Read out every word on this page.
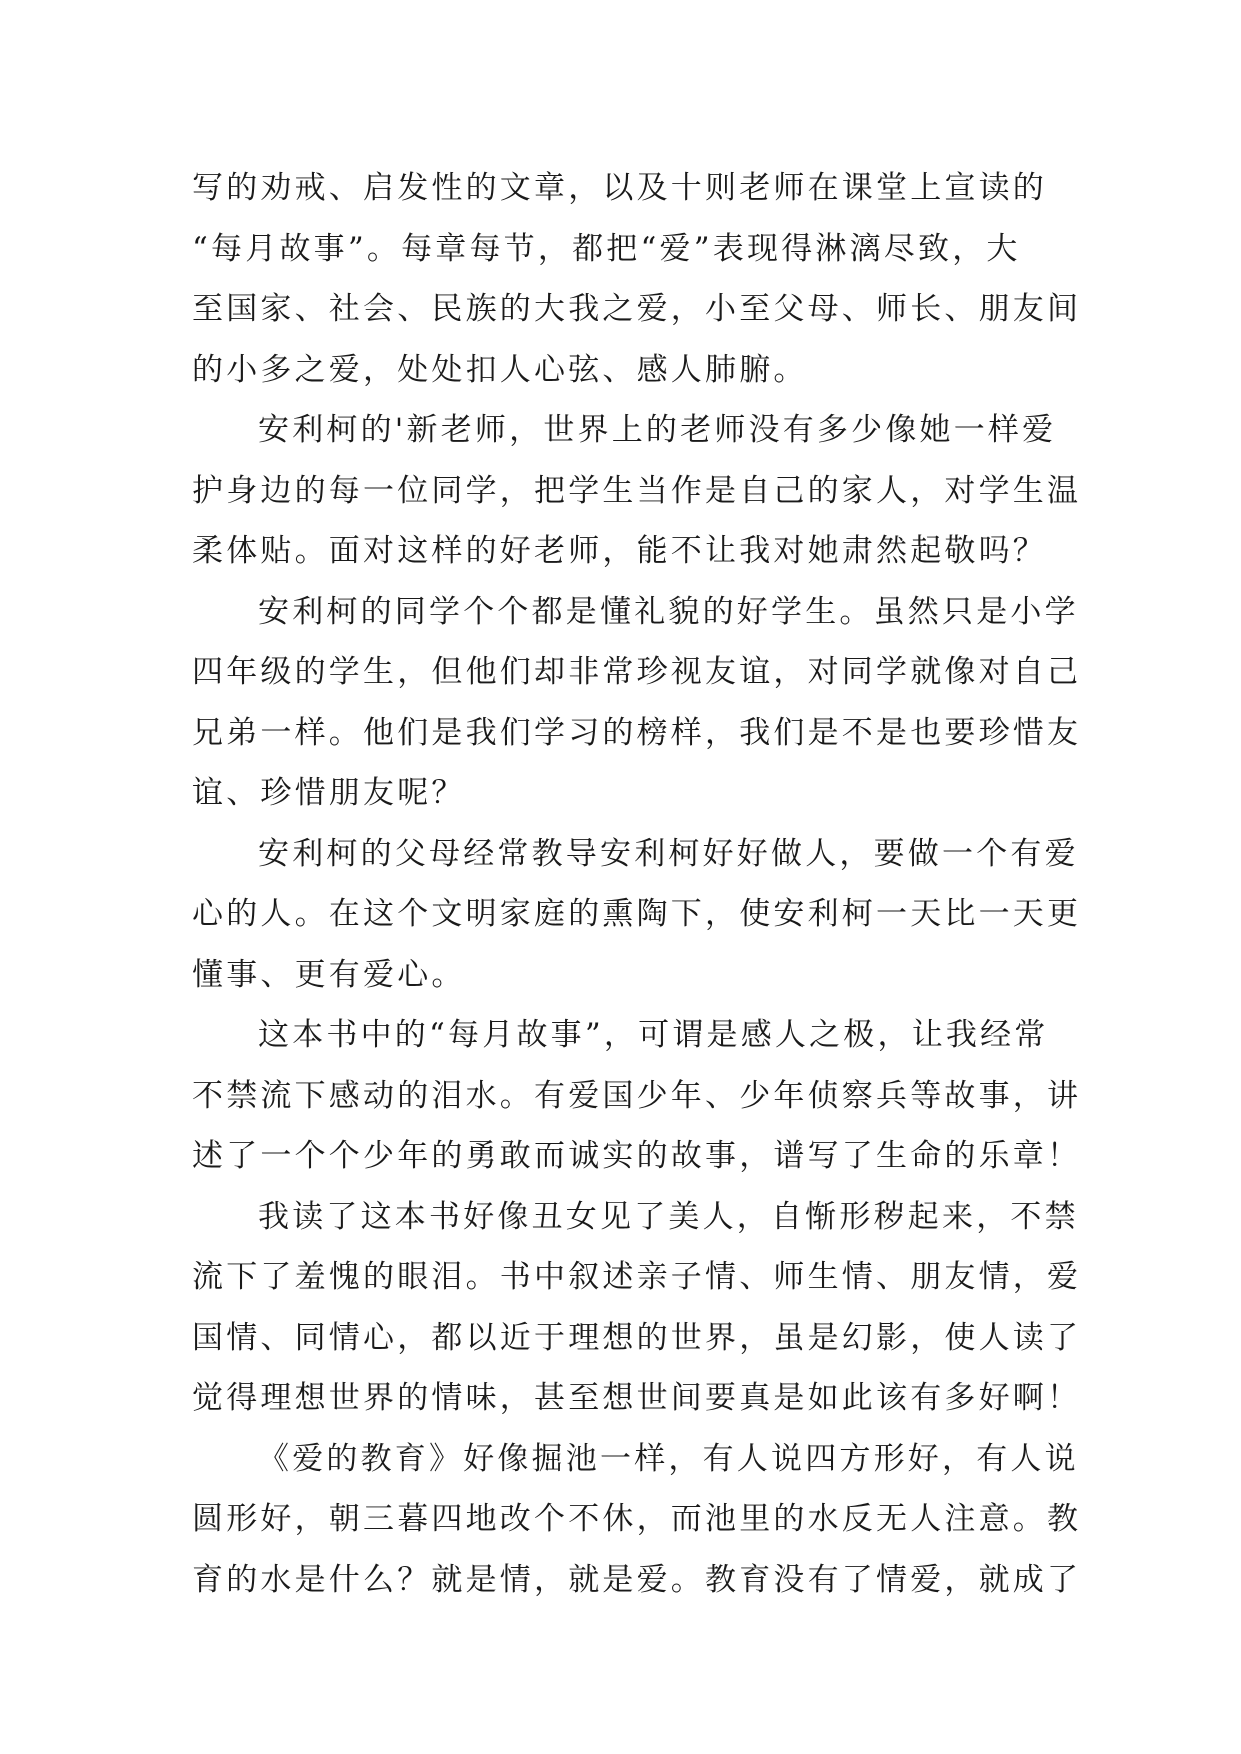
写的劝戒、启发性的文章，以及十则老师在课堂上宣读的
“每月故事”。每章每节，都把“爱”表现得淋漓尽致，大
至国家、社会、民族的大我之爱，小至父母、师长、朋友间
的小多之爱，处处扣人心弦、感人肺腑。
安利柯的'新老师，世界上的老师没有多少像她一样爱
护身边的每一位同学，把学生当作是自己的家人，对学生温
柔体贴。面对这样的好老师，能不让我对她肃然起敬吗？
安利柯的同学个个都是懂礼貌的好学生。虽然只是小学
四年级的学生，但他们却非常珍视友谊，对同学就像对自己
兄弟一样。他们是我们学习的榜样，我们是不是也要珍惜友
谊、珍惜朋友呢？
安利柯的父母经常教导安利柯好好做人，要做一个有爱
心的人。在这个文明家庭的熏陶下，使安利柯一天比一天更
懂事、更有爱心。
这本书中的“每月故事”，可谓是感人之极，让我经常
不禁流下感动的泪水。有爱国少年、少年侦察兵等故事，讲
述了一个个少年的勇敢而诚实的故事，谱写了生命的乐章！
我读了这本书好像丑女见了美人，自惭形秽起来，不禁
流下了羞愧的眼泪。书中叙述亲子情、师生情、朋友情，爱
国情、同情心，都以近于理想的世界，虽是幻影，使人读了
觉得理想世界的情味，甚至想世间要真是如此该有多好啊！
《爱的教育》好像掘池一样，有人说四方形好，有人说
圆形好，朝三暮四地改个不休，而池里的水反无人注意。教
育的水是什么？就是情，就是爱。教育没有了情爱，就成了
